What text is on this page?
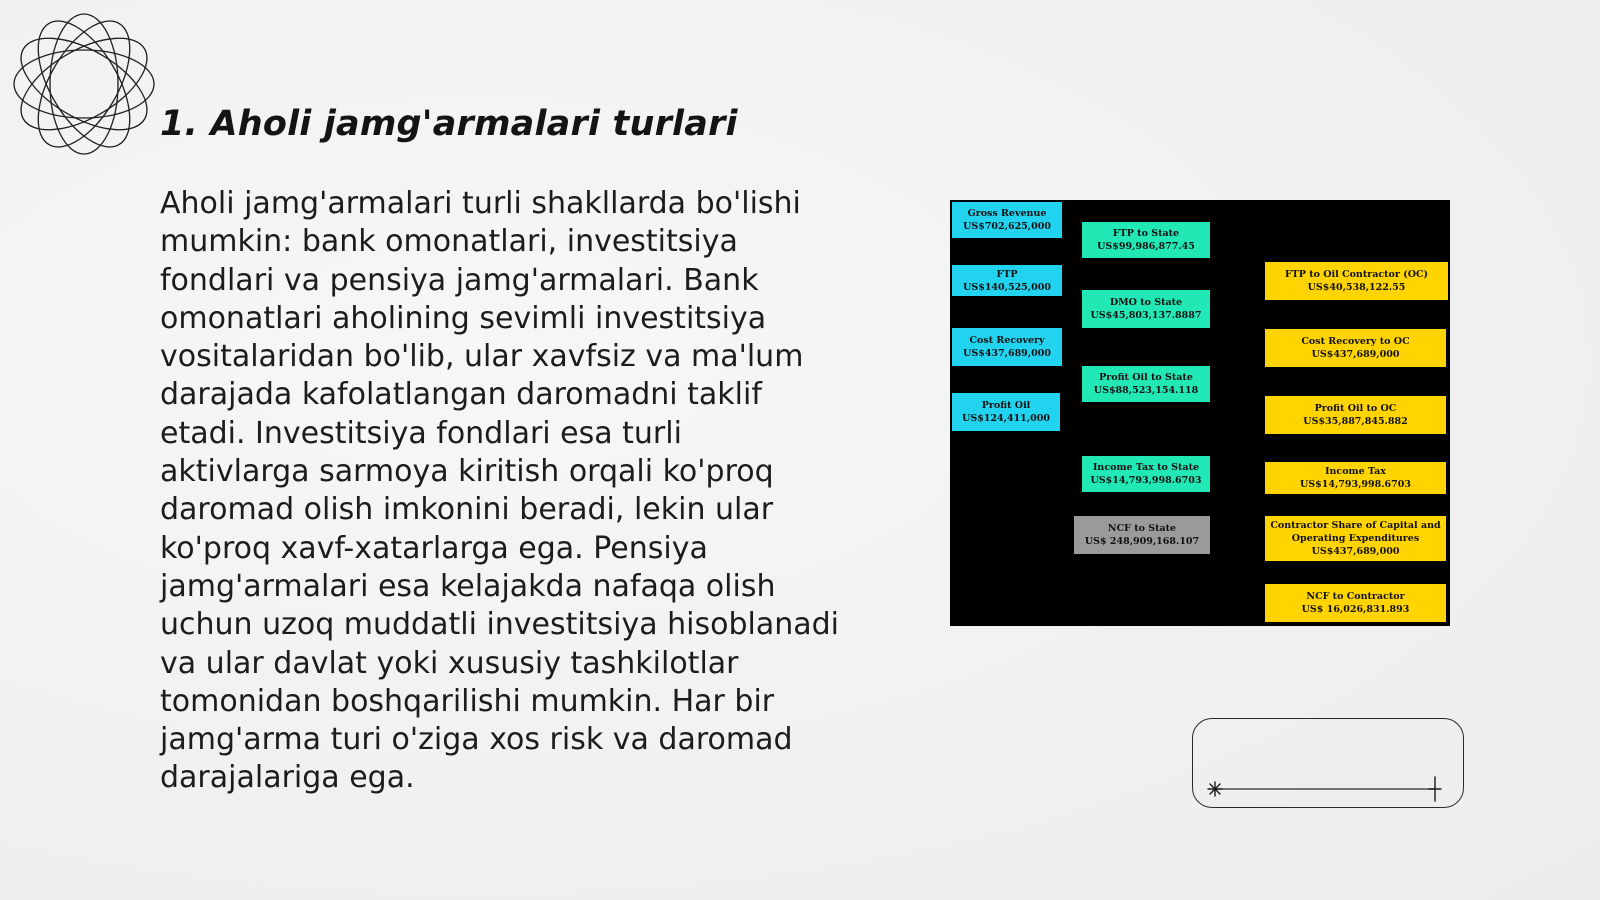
1. Aholi jamg'armalari turlari

Aholi jamg'armalari turli shakllarda bo'lishi mumkin: bank omonatlari, investitsiya fondlari va pensiya jamg'armalari. Bank omonatlari aholining sevimli investitsiya vositalaridan bo'lib, ular xavfsiz va ma'lum darajada kafolatlangan daromadni taklif etadi. Investitsiya fondlari esa turli aktivlarga sarmoya kiritish orqali ko'proq daromad olish imkonini beradi, lekin ular ko'proq xavf-xatarlarga ega. Pensiya jamg'armalari esa kelajakda nafaqa olish uchun uzoq muddatli investitsiya hisoblanadi va ular davlat yoki xususiy tashkilotlar tomonidan boshqarilishi mumkin. Har bir jamg'arma turi o'ziga xos risk va daromad darajalariga ega.

Gross Revenue
US$702,625,000
FTP
US$140,525,000
Cost Recovery
US$437,689,000
Profit Oil
US$124,411,000
FTP to State
US$99,986,877.45
DMO to State
US$45,803,137.8887
Profit Oil to State
US$88,523,154.118
Income Tax to State
US$14,793,998.6703
NCF to State
US$ 248,909,168.107
FTP to Oil Contractor (OC)
US$40,538,122.55
Cost Recovery to OC
US$437,689,000
Profit Oil to OC
US$35,887,845.882
Income Tax
US$14,793,998.6703
Contractor Share of Capital and Operating Expenditures
US$437,689,000
NCF to Contractor
US$ 16,026,831.893
